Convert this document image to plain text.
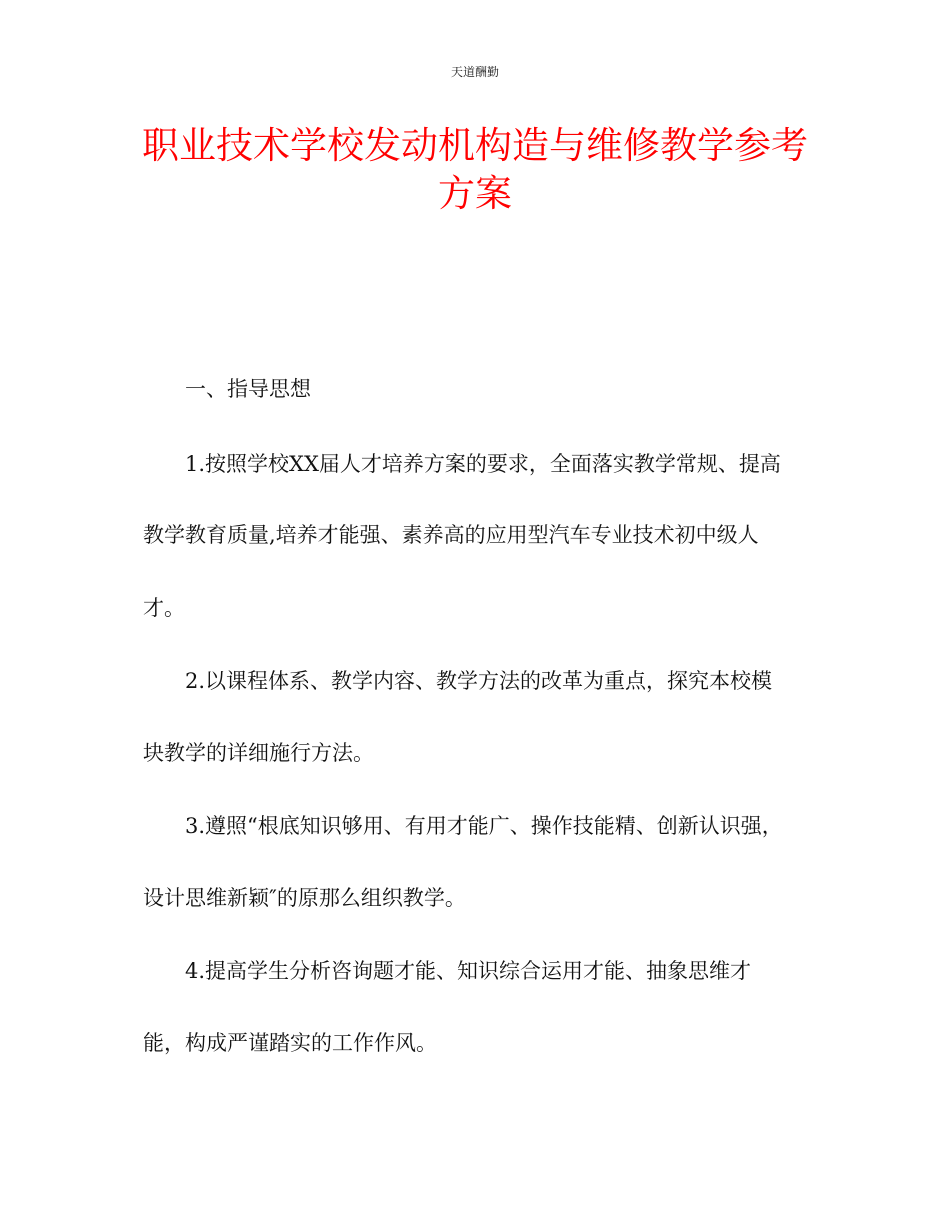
天道酬勤
职业技术学校发动机构造与维修教学参考
方案
一、指导思想
1.按照学校XX届人才培养方案的要求，全面落实教学常规、提高
教学教育质量,培养才能强、素养高的应用型汽车专业技术初中级人
才。
2.以课程体系、教学内容、教学方法的改革为重点，探究本校模
块教学的详细施行方法。
3.遵照“根底知识够用、有用才能广、操作技能精、创新认识强，
设计思维新颖″的原那么组织教学。
4.提高学生分析咨询题才能、知识综合运用才能、抽象思维才
能，构成严谨踏实的工作作风。
